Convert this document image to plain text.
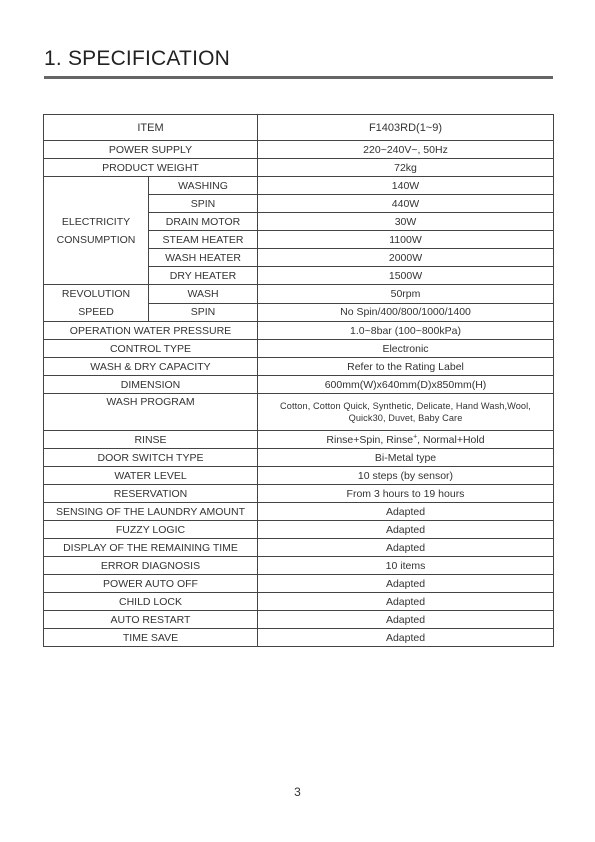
1. SPECIFICATION
ITEM		F1403RD(1~9)
POWER SUPPLY		220~240V~, 50Hz
PRODUCT WEIGHT		72kg

ELECTRICITY
CONSUMPTION	WASHING	140W
	SPIN	440W
	DRAIN MOTOR	30W
	STEAM HEATER	1100W
	WASH HEATER	2000W
	DRY HEATER	1500W

REVOLUTION
SPEED	WASH	50rpm
	SPIN	No Spin/400/800/1000/1400
OPERATION WATER PRESSURE		1.0~8bar (100~800kPa)
CONTROL TYPE		Electronic
WASH & DRY CAPACITY		Refer to the Rating Label
DIMENSION		600mm(W)x640mm(D)x850mm(H)
WASH PROGRAM		Cotton, Cotton Quick, Synthetic, Delicate, Hand Wash,Wool,
Quick30, Duvet, Baby Care

RINSE		Rinse+Spin, Rinse+, Normal+Hold
DOOR SWITCH TYPE		Bi-Metal type
WATER LEVEL		10 steps (by sensor)
RESERVATION		From 3 hours to 19 hours
SENSING OF THE LAUNDRY AMOUNT		Adapted
FUZZY LOGIC		Adapted
DISPLAY OF THE REMAINING TIME		Adapted
ERROR DIAGNOSIS		10 items
POWER AUTO OFF		Adapted
CHILD LOCK		Adapted
AUTO RESTART		Adapted
TIME SAVE		Adapted
3
